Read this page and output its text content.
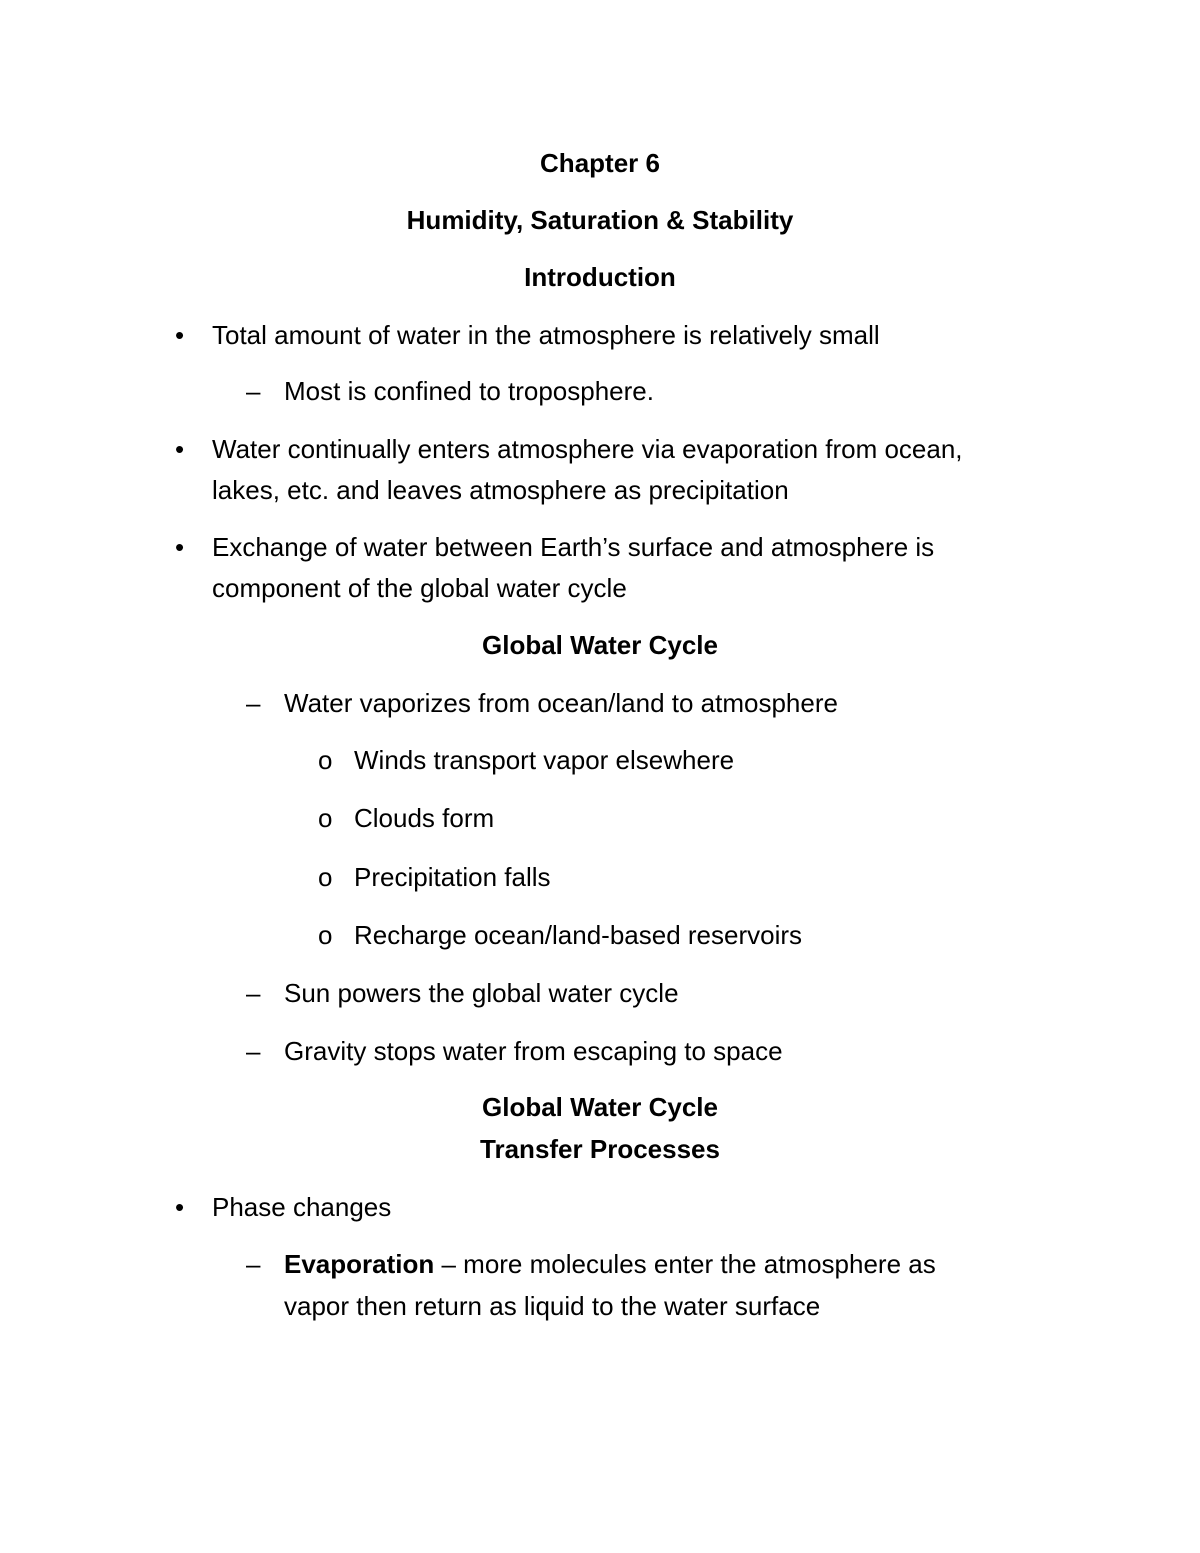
Chapter 6

Humidity, Saturation & Stability

Introduction

• Total amount of water in the atmosphere is relatively small

– Most is confined to troposphere.

• Water continually enters atmosphere via evaporation from ocean,

lakes, etc. and leaves atmosphere as precipitation

• Exchange of water between Earth’s surface and atmosphere is

component of the global water cycle

Global Water Cycle

– Water vaporizes from ocean/land to atmosphere

o Winds transport vapor elsewhere

o Clouds form

o Precipitation falls

o Recharge ocean/land-based reservoirs

– Sun powers the global water cycle

– Gravity stops water from escaping to space

Global Water Cycle

Transfer Processes

• Phase changes

– Evaporation – more molecules enter the atmosphere as

vapor then return as liquid to the water surface
